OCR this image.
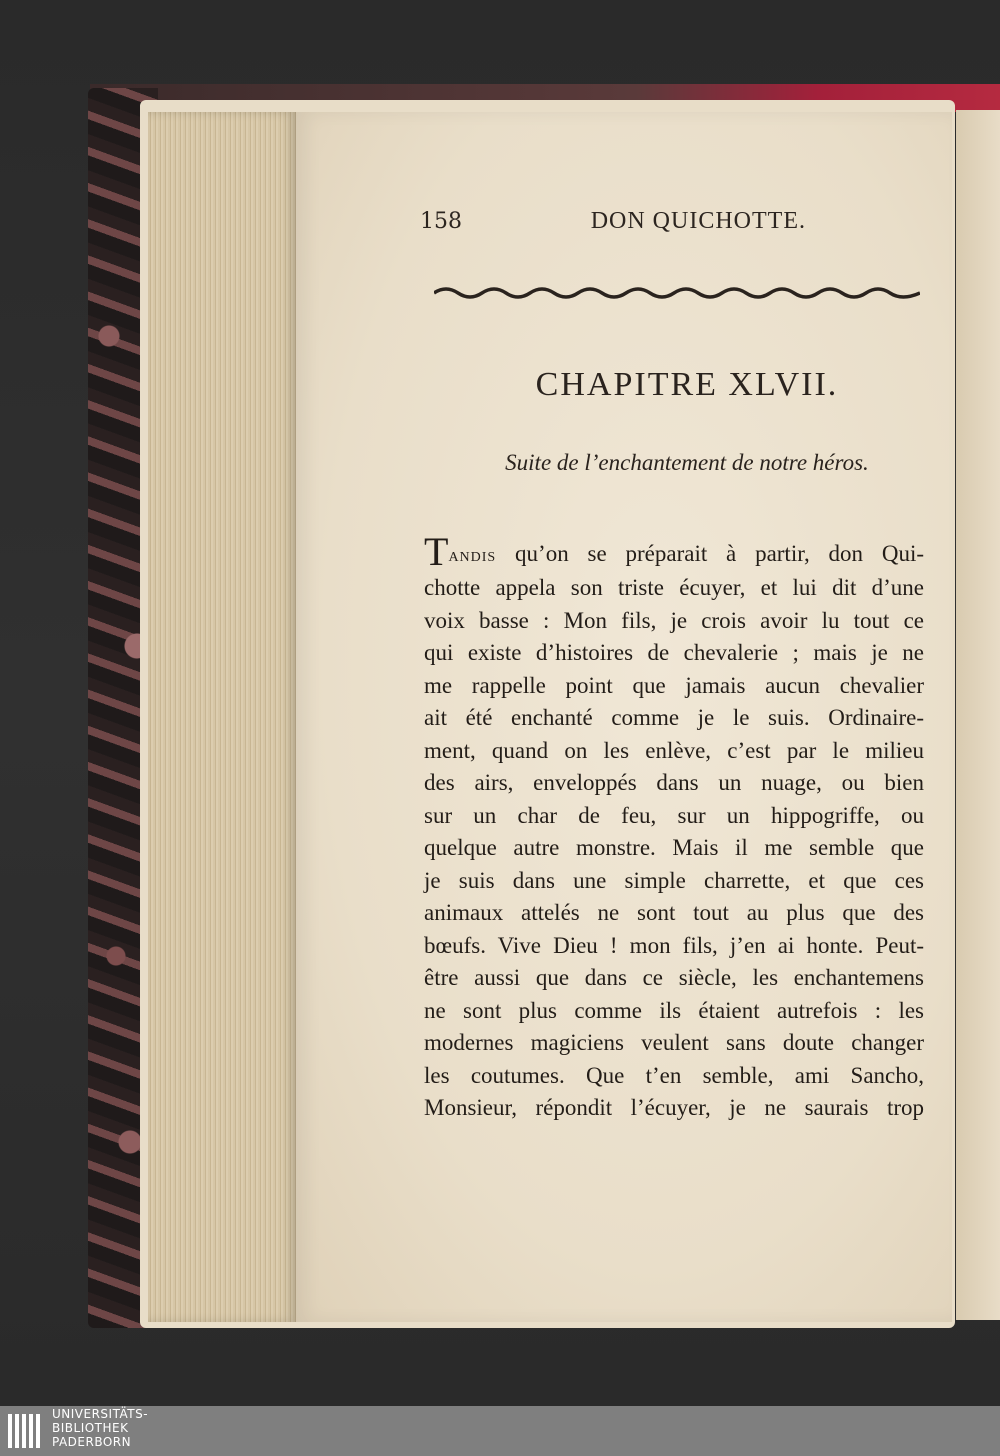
158	DON QUICHOTTE.
CHAPITRE XLVII.
Suite de l’enchantement de notre héros.
Tandis qu’on se préparait à partir, don Qui-
chotte appela son triste écuyer, et lui dit d’une
voix basse : Mon fils, je crois avoir lu tout ce
qui existe d’histoires de chevalerie ; mais je ne
me rappelle point que jamais aucun chevalier
ait été enchanté comme je le suis. Ordinaire-
ment, quand on les enlève, c’est par le milieu
des airs, enveloppés dans un nuage, ou bien
sur un char de feu, sur un hippogriffe, ou
quelque autre monstre. Mais il me semble que
je suis dans une simple charrette, et que ces
animaux attelés ne sont tout au plus que des
bœufs. Vive Dieu ! mon fils, j’en ai honte. Peut-
être aussi que dans ce siècle, les enchantemens
ne sont plus comme ils étaient autrefois : les
modernes magiciens veulent sans doute changer
les coutumes. Que t’en semble, ami Sancho,
Monsieur, répondit l’écuyer, je ne saurais trop
UNIVERSITÄTS-
BIBLIOTHEK
PADERBORN
